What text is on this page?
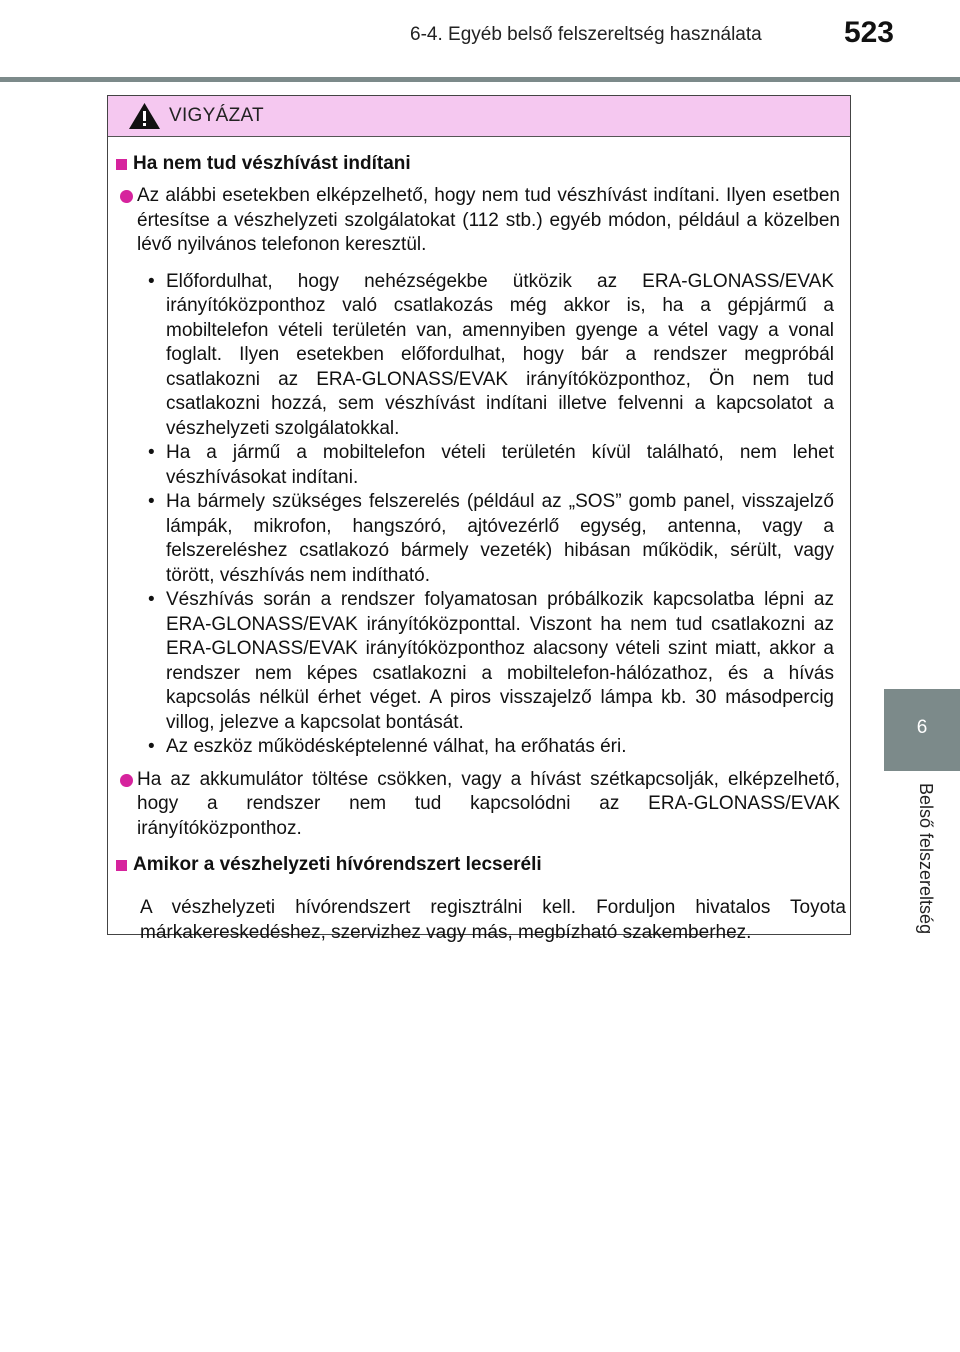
6-4. Egyéb belső felszereltség használata	523
6
Belső felszereltség
VIGYÁZAT
Ha nem tud vészhívást indítani

Az alábbi esetekben elképzelhető, hogy nem tud vészhívást indítani. Ilyen esetben értesítse a vészhelyzeti szolgálatokat (112 stb.) egyéb módon, például a közelben lévő nyilvános telefonon keresztül.

• Előfordulhat, hogy nehézségekbe ütközik az ERA-GLONASS/EVAK irányítóközponthoz való csatlakozás még akkor is, ha a gépjármű a mobiltelefon vételi területén van, amennyiben gyenge a vétel vagy a vonal foglalt. Ilyen esetekben előfordulhat, hogy bár a rendszer megpróbál csatlakozni az ERA-GLONASS/EVAK irányítóközponthoz, Ön nem tud csatlakozni hozzá, sem vészhívást indítani illetve felvenni a kapcsolatot a vészhelyzeti szolgálatokkal.

• Ha a jármű a mobiltelefon vételi területén kívül található, nem lehet vészhívásokat indítani.

• Ha bármely szükséges felszerelés (például az „SOS” gomb panel, visszajelző lámpák, mikrofon, hangszóró, ajtóvezérlő egység, antenna, vagy a felszereléshez csatlakozó bármely vezeték) hibásan működik, sérült, vagy törött, vészhívás nem indítható.

• Vészhívás során a rendszer folyamatosan próbálkozik kapcsolatba lépni az ERA-GLONASS/EVAK irányítóközponttal. Viszont ha nem tud csatlakozni az ERA-GLONASS/EVAK irányítóközponthoz alacsony vételi szint miatt, akkor a rendszer nem képes csatlakozni a mobiltelefon-hálózathoz, és a hívás kapcsolás nélkül érhet véget. A piros visszajelző lámpa kb. 30 másodpercig villog, jelezve a kapcsolat bontását.

• Az eszköz működésképtelenné válhat, ha erőhatás éri.

Ha az akkumulátor töltése csökken, vagy a hívást szétkapcsolják, elképzelhető, hogy a rendszer nem tud kapcsolódni az ERA-GLONASS/EVAK irányítóközponthoz.

Amikor a vészhelyzeti hívórendszert lecseréli

A vészhelyzeti hívórendszert regisztrálni kell. Forduljon hivatalos Toyota márkakereskedéshez, szervizhez vagy más, megbízható szakemberhez.
